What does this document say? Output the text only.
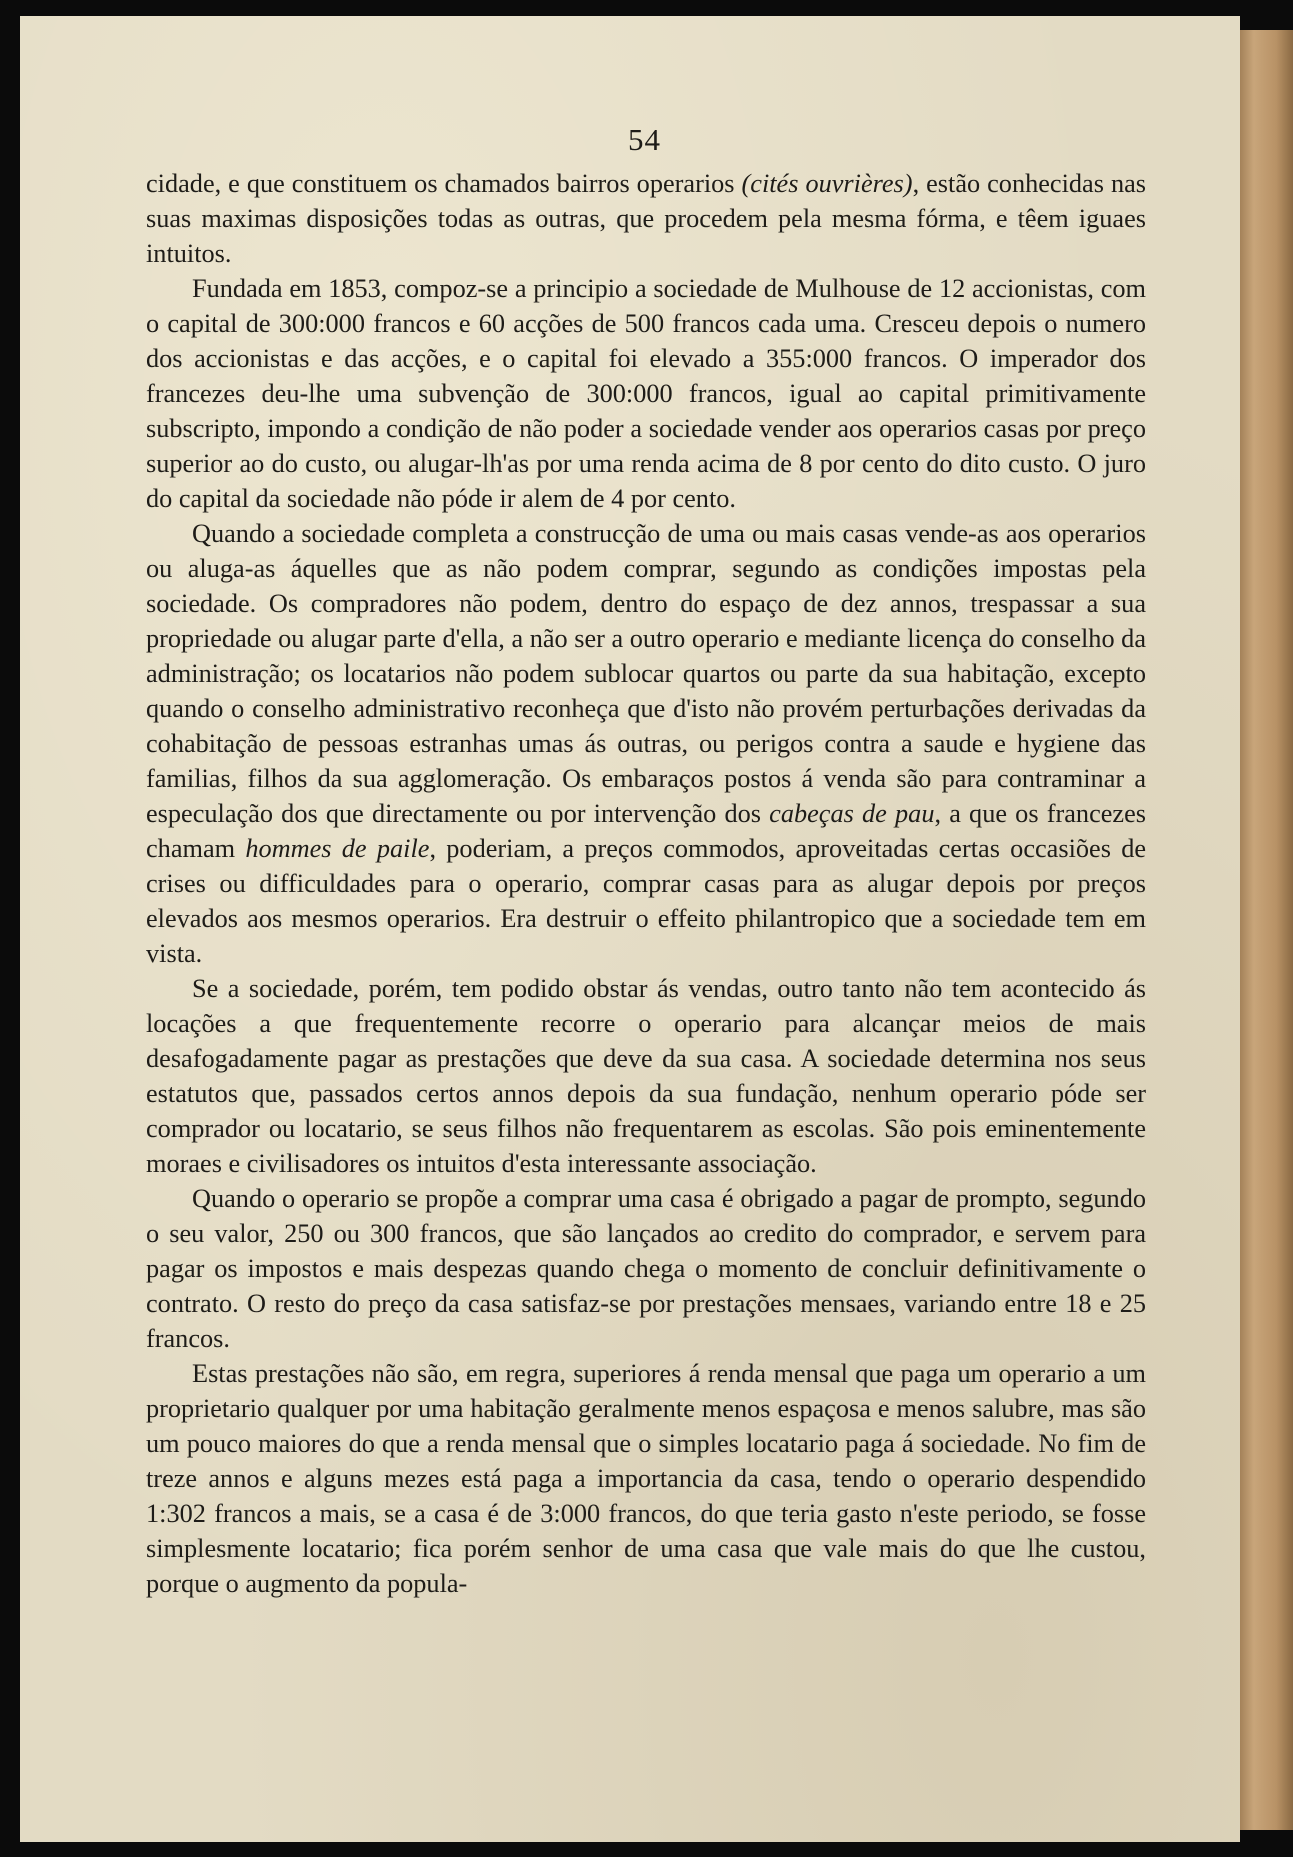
54

cidade, e que constituem os chamados bairros operarios (cités ouvrières), estão conhecidas nas suas maximas disposições todas as outras, que procedem pela mesma fórma, e têem iguaes intuitos.

Fundada em 1853, compoz-se a principio a sociedade de Mulhouse de 12 accionistas, com o capital de 300:000 francos e 60 acções de 500 francos cada uma. Cresceu depois o numero dos accionistas e das acções, e o capital foi elevado a 355:000 francos. O imperador dos francezes deu-lhe uma subvenção de 300:000 francos, igual ao capital primitivamente subscripto, impondo a condição de não poder a sociedade vender aos operarios casas por preço superior ao do custo, ou alugar-lh'as por uma renda acima de 8 por cento do dito custo. O juro do capital da sociedade não póde ir alem de 4 por cento.

Quando a sociedade completa a construcção de uma ou mais casas vende-as aos operarios ou aluga-as áquelles que as não podem comprar, segundo as condições impostas pela sociedade. Os compradores não podem, dentro do espaço de dez annos, trespassar a sua propriedade ou alugar parte d'ella, a não ser a outro operario e mediante licença do conselho da administração; os locatarios não podem sublocar quartos ou parte da sua habitação, excepto quando o conselho administrativo reconheça que d'isto não provém perturbações derivadas da cohabitação de pessoas estranhas umas ás outras, ou perigos contra a saude e hygiene das familias, filhos da sua agglomeração. Os embaraços postos á venda são para contraminar a especulação dos que directamente ou por intervenção dos cabeças de pau, a que os francezes chamam hommes de paile, poderiam, a preços commodos, aproveitadas certas occasiões de crises ou difficuldades para o operario, comprar casas para as alugar depois por preços elevados aos mesmos operarios. Era destruir o effeito philantropico que a sociedade tem em vista.

Se a sociedade, porém, tem podido obstar ás vendas, outro tanto não tem acontecido ás locações a que frequentemente recorre o operario para alcançar meios de mais desafogadamente pagar as prestações que deve da sua casa. A sociedade determina nos seus estatutos que, passados certos annos depois da sua fundação, nenhum operario póde ser comprador ou locatario, se seus filhos não frequentarem as escolas. São pois eminentemente moraes e civilisadores os intuitos d'esta interessante associação.

Quando o operario se propõe a comprar uma casa é obrigado a pagar de prompto, segundo o seu valor, 250 ou 300 francos, que são lançados ao credito do comprador, e servem para pagar os impostos e mais despezas quando chega o momento de concluir definitivamente o contrato. O resto do preço da casa satisfaz-se por prestações mensaes, variando entre 18 e 25 francos.

Estas prestações não são, em regra, superiores á renda mensal que paga um operario a um proprietario qualquer por uma habitação geralmente menos espaçosa e menos salubre, mas são um pouco maiores do que a renda mensal que o simples locatario paga á sociedade. No fim de treze annos e alguns mezes está paga a importancia da casa, tendo o operario despendido 1:302 francos a mais, se a casa é de 3:000 francos, do que teria gasto n'este periodo, se fosse simplesmente locatario; fica porém senhor de uma casa que vale mais do que lhe custou, porque o augmento da popula-
